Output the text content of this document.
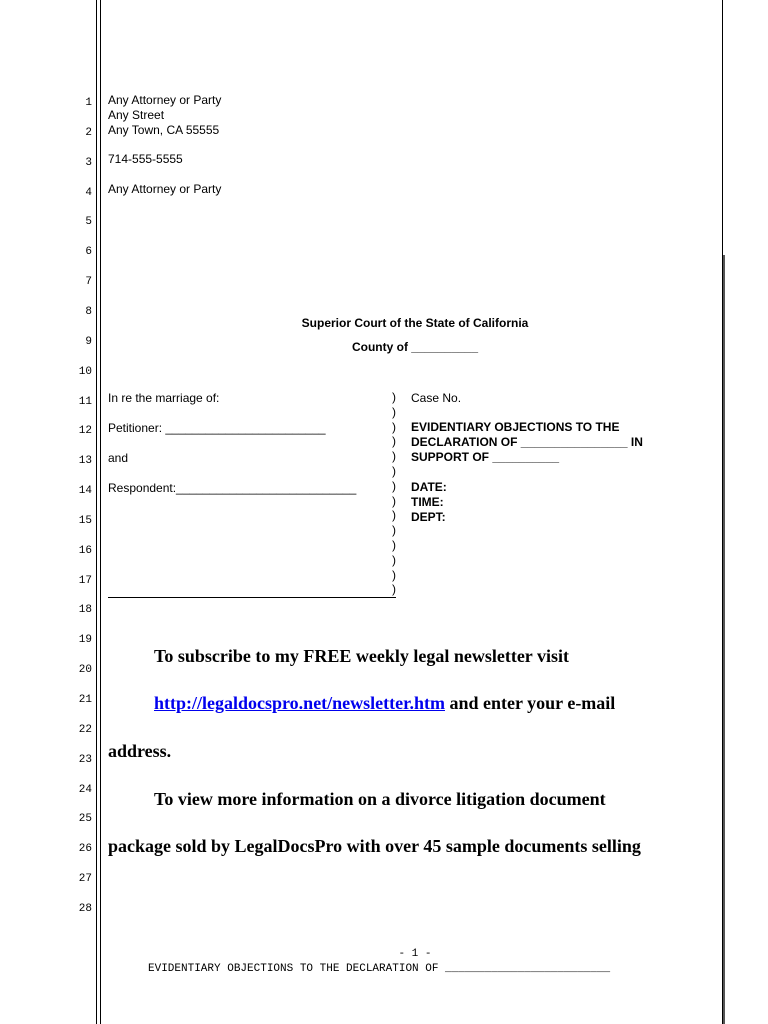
1
2
3
4
5
6
7
8
9
10
11
12
13
14
15
16
17
18
19
20
21
22
23
24
25
26
27
28
Any Attorney or Party
Any Street
Any Town, CA 55555
714-555-5555
Any Attorney or Party
Superior Court of the State of California
County of __________
In re the marriage of:
Petitioner: ________________________
and
Respondent:___________________________
)
)
)
)
)
)
)
)
)
)
)
)
)
)
Case No.
EVIDENTIARY OBJECTIONS TO THE
DECLARATION OF ________________ IN
SUPPORT OF __________
DATE:
TIME:
DEPT:
To subscribe to my FREE weekly legal newsletter visit
http://legaldocspro.net/newsletter.htm and enter your e-mail
address.
To view more information on a divorce litigation document
package sold by LegalDocsPro with over 45 sample documents selling
- 1 -
EVIDENTIARY OBJECTIONS TO THE DECLARATION OF _________________________
